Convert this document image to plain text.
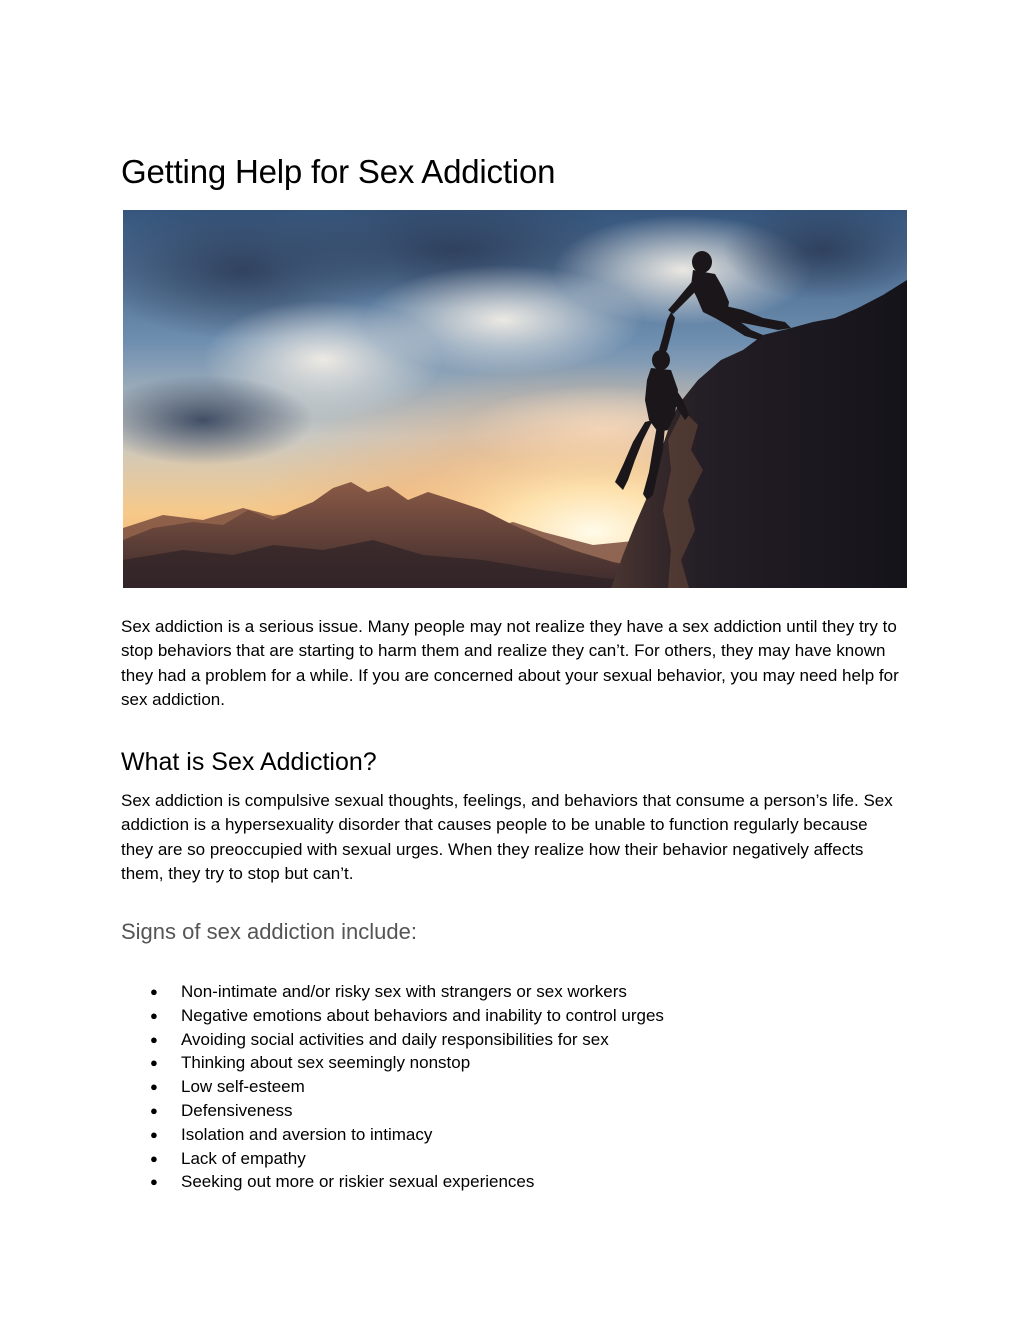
Getting Help for Sex Addiction

Sex addiction is a serious issue. Many people may not realize they have a sex addiction until they try to stop behaviors that are starting to harm them and realize they can’t. For others, they may have known they had a problem for a while. If you are concerned about your sexual behavior, you may need help for sex addiction.

What is Sex Addiction?

Sex addiction is compulsive sexual thoughts, feelings, and behaviors that consume a person’s life. Sex addiction is a hypersexuality disorder that causes people to be unable to function regularly because they are so preoccupied with sexual urges. When they realize how their behavior negatively affects them, they try to stop but can’t.

Signs of sex addiction include:
● Non-intimate and/or risky sex with strangers or sex workers
● Negative emotions about behaviors and inability to control urges
● Avoiding social activities and daily responsibilities for sex
● Thinking about sex seemingly nonstop
● Low self-esteem
● Defensiveness
● Isolation and aversion to intimacy
● Lack of empathy
● Seeking out more or riskier sexual experiences
